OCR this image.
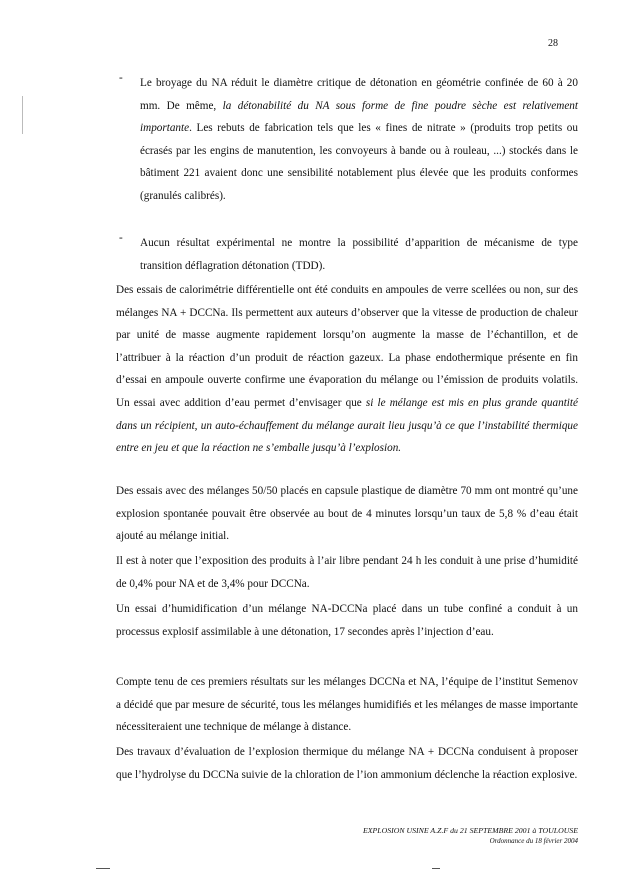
28
- Le broyage du NA réduit le diamètre critique de détonation en géométrie confinée de 60 à 20 mm. De même, la détonabilité du NA sous forme de fine poudre sèche est relativement importante. Les rebuts de fabrication tels que les « fines de nitrate » (produits trop petits ou écrasés par les engins de manutention, les convoyeurs à bande ou à rouleau, ...) stockés dans le bâtiment 221 avaient donc une sensibilité notablement plus élevée que les produits conformes (granulés calibrés).
- Aucun résultat expérimental ne montre la possibilité d’apparition de mécanisme de type transition déflagration détonation (TDD).
Des essais de calorimétrie différentielle ont été conduits en ampoules de verre scellées ou non, sur des mélanges NA + DCCNa. Ils permettent aux auteurs d’observer que la vitesse de production de chaleur par unité de masse augmente rapidement lorsqu’on augmente la masse de l’échantillon, et de l’attribuer à la réaction d’un produit de réaction gazeux. La phase endothermique présente en fin d’essai en ampoule ouverte confirme une évaporation du mélange ou l’émission de produits volatils. Un essai avec addition d’eau permet d’envisager que si le mélange est mis en plus grande quantité dans un récipient, un auto-échauffement du mélange aurait lieu jusqu’à ce que l’instabilité thermique entre en jeu et que la réaction ne s’emballe jusqu’à l’explosion.
Des essais avec des mélanges 50/50 placés en capsule plastique de diamètre 70 mm ont montré qu’une explosion spontanée pouvait être observée au bout de 4 minutes lorsqu’un taux de 5,8 % d’eau était ajouté au mélange initial.
Il est à noter que l’exposition des produits à l’air libre pendant 24 h les conduit à une prise d’humidité de 0,4% pour NA et de 3,4% pour DCCNa.
Un essai d’humidification d’un mélange NA-DCCNa placé dans un tube confiné a conduit à un processus explosif assimilable à une détonation, 17 secondes après l’injection d’eau.
Compte tenu de ces premiers résultats sur les mélanges DCCNa et NA, l’équipe de l’institut Semenov a décidé que par mesure de sécurité, tous les mélanges humidifiés et les mélanges de masse importante nécessiteraient une technique de mélange à distance.
Des travaux d’évaluation de l’explosion thermique du mélange NA + DCCNa conduisent à proposer que l’hydrolyse du DCCNa suivie de la chloration de l’ion ammonium déclenche la réaction explosive.
EXPLOSION USINE A.Z.F du 21 SEPTEMBRE 2001 à TOULOUSE
Ordonnance du 18 février 2004
